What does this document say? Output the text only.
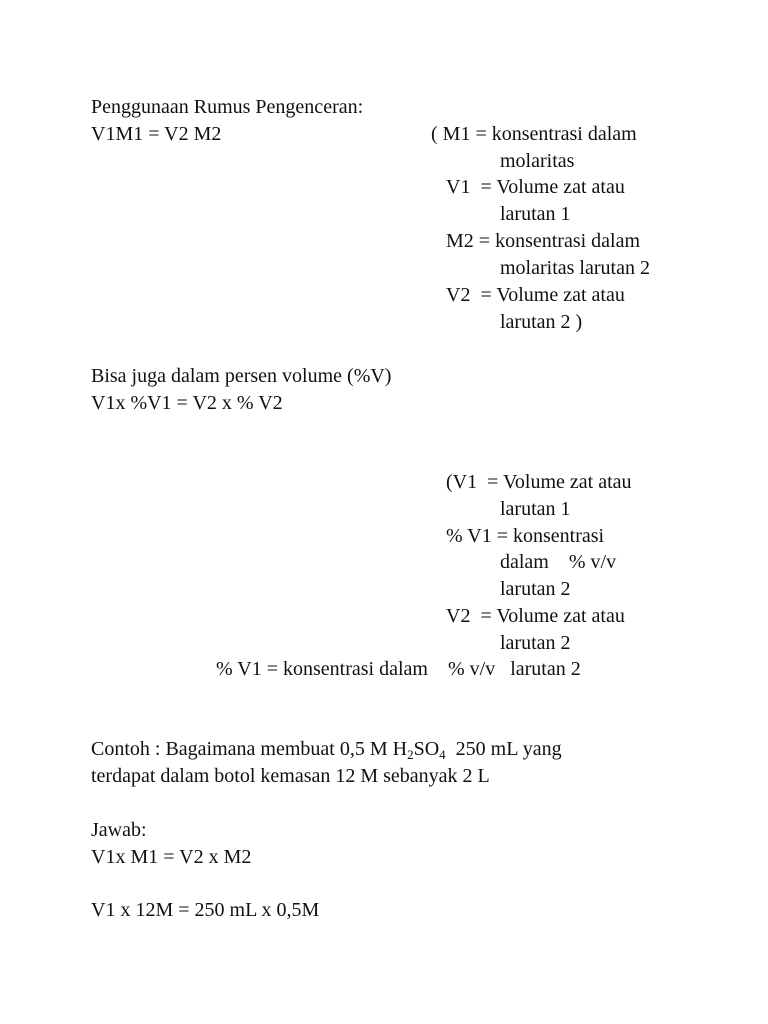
Penggunaan Rumus Pengenceran:
V1M1 = V2 M2	( M1 = konsentrasi dalam
molaritas
V1  = Volume zat atau
larutan 1
M2 = konsentrasi dalam
molaritas larutan 2
V2  = Volume zat atau
larutan 2 )
Bisa juga dalam persen volume (%V)
V1x %V1 = V2 x % V2
(V1  = Volume zat atau
larutan 1
% V1 = konsentrasi
dalam    % v/v
larutan 2
V2  = Volume zat atau
larutan 2
% V1 = konsentrasi dalam    % v/v   larutan 2
Contoh : Bagaimana membuat 0,5 M $H_2SO_4$  250 mL yang
terdapat dalam botol kemasan 12 M sebanyak 2 L
Jawab:
V1x M1 = V2 x M2
V1 x 12M = 250 mL x 0,5M
